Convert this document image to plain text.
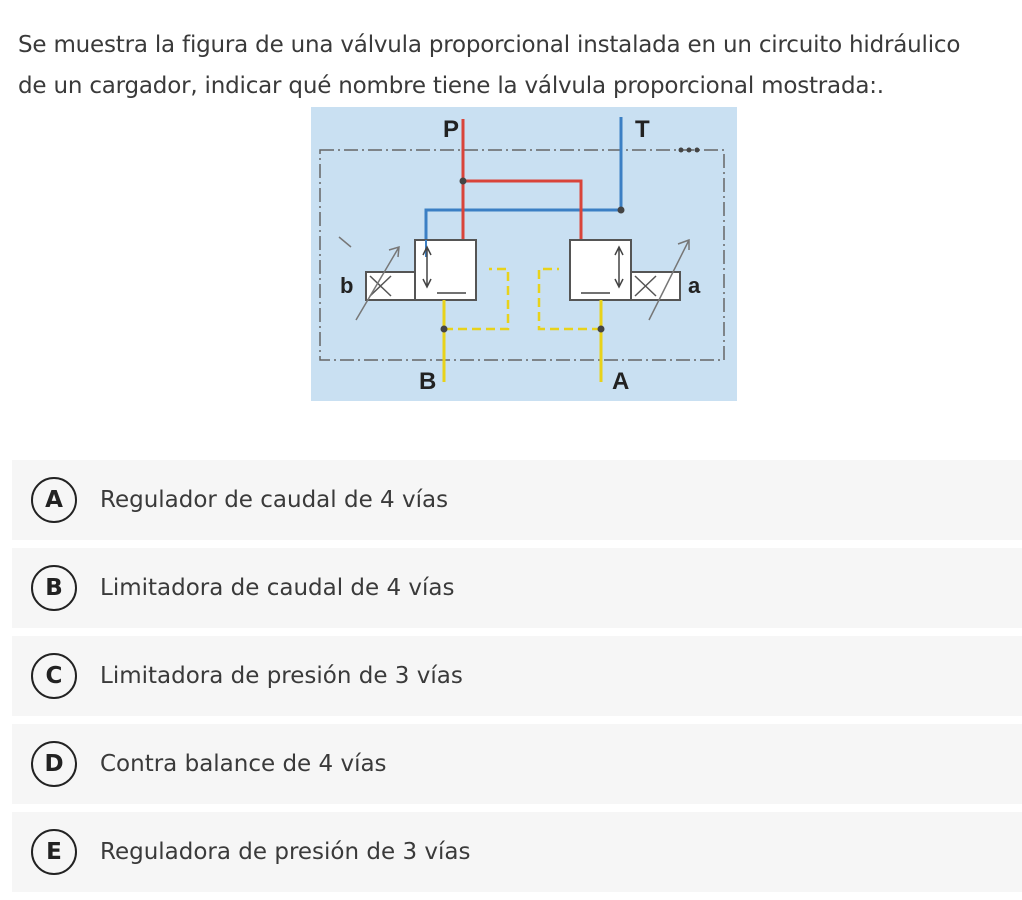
Se muestra la figura de una válvula proporcional instalada en un circuito hidráulico
de un cargador, indicar qué nombre tiene la válvula proporcional mostrada:.
P	T
B	A
b	a
A	Regulador de caudal de 4 vías
B	Limitadora de caudal de 4 vías
C	Limitadora de presión de 3 vías
D	Contra balance de 4 vías
E	Reguladora de presión de 3 vías
